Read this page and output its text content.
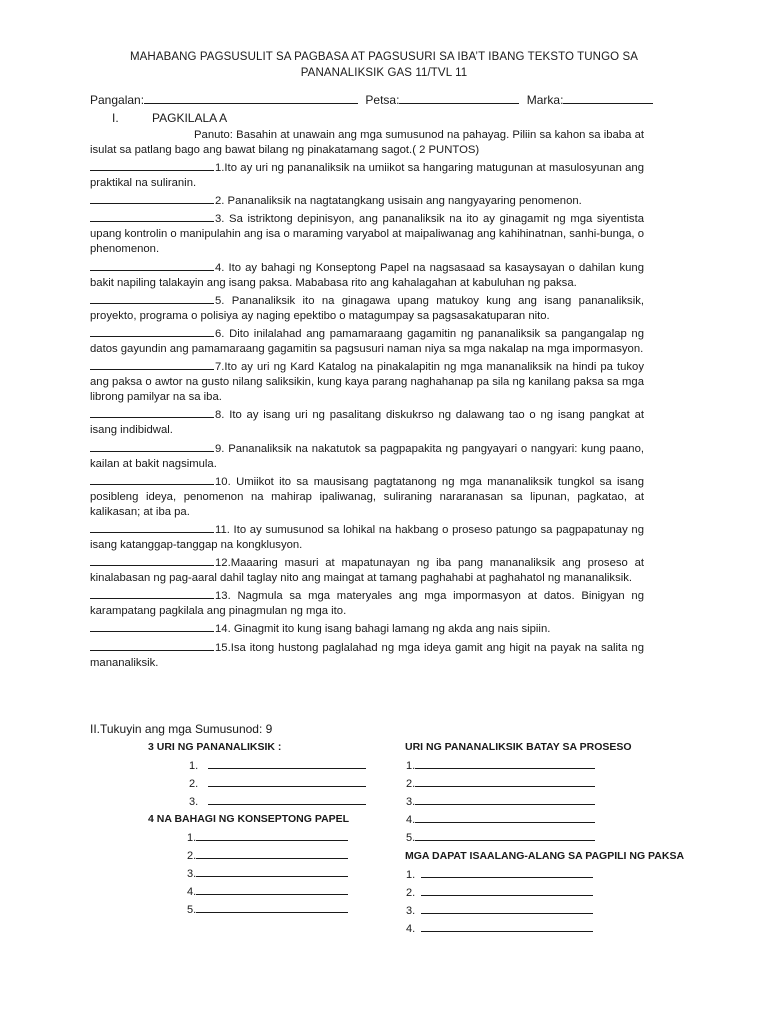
MAHABANG PAGSUSULIT SA PAGBASA AT PAGSUSURI SA IBA’T IBANG TEKSTO TUNGO SA
PANANALIKSIK GAS 11/TVL 11
Pangalan:	Petsa:	Marka:
I.	PAGKILALA A
Panuto: Basahin at unawain ang mga sumusunod na pahayag. Piliin sa kahon sa ibaba at isulat sa patlang bago ang bawat bilang ng pinakatamang sagot.( 2 PUNTOS)
1.Ito ay uri ng pananaliksik na umiikot sa hangaring matugunan at masulosyunan ang praktikal na suliranin.
2. Pananaliksik na nagtatangkang usisain ang nangyayaring penomenon.
3. Sa istriktong depinisyon, ang pananaliksik na ito ay ginagamit ng mga siyentista upang kontrolin o manipulahin ang isa o maraming varyabol at maipaliwanag ang kahihinatnan, sanhi-bunga, o phenomenon.
4. Ito ay bahagi ng Konseptong Papel na nagsasaad sa kasaysayan o dahilan kung bakit napiling talakayin ang isang paksa. Mababasa rito ang kahalagahan at kabuluhan ng paksa.
5. Pananaliksik ito na ginagawa upang matukoy kung ang isang pananaliksik, proyekto, programa o polisiya ay naging epektibo o matagumpay sa pagsasakatuparan nito.
6. Dito inilalahad ang pamamaraang gagamitin ng pananaliksik sa pangangalap ng datos gayundin ang pamamaraang gagamitin sa pagsusuri naman niya sa mga nakalap na mga impormasyon.
7.Ito ay uri ng Kard Katalog na pinakalapitin ng mga mananaliksik na hindi pa tukoy ang paksa o awtor na gusto nilang saliksikin, kung kaya parang naghahanap pa sila ng kanilang paksa sa mga librong pamilyar na sa iba.
8. Ito ay isang uri ng pasalitang diskukrso ng dalawang tao o ng isang pangkat at isang indibidwal.
9. Pananaliksik na nakatutok sa pagpapakita ng pangyayari o nangyari: kung paano, kailan at bakit nagsimula.
10. Umiikot ito sa mausisang pagtatanong ng mga mananaliksik tungkol sa isang posibleng ideya, penomenon na mahirap ipaliwanag, suliraning nararanasan sa lipunan, pagkatao, at kalikasan; at iba pa.
11. Ito ay sumusunod sa lohikal na hakbang o proseso patungo sa pagpapatunay ng isang katanggap-tanggap na kongklusyon.
12.Maaaring masuri at mapatunayan ng iba pang mananaliksik ang proseso at kinalabasan ng pag-aaral dahil taglay nito ang maingat at tamang paghahabi at paghahatol ng mananaliksik.
13. Nagmula sa mga materyales ang mga impormasyon at datos. Binigyan ng karampatang pagkilala ang pinagmulan ng mga ito.
14. Ginagmit ito kung isang bahagi lamang ng akda ang nais sipiin.
15.Isa itong hustong paglalahad ng mga ideya gamit ang higit na payak na salita ng mananaliksik.
II.Tukuyin ang mga Sumusunod: 9
3 URI NG PANANALIKSIK :
1.
2.
3.
4 NA BAHAGI NG KONSEPTONG PAPEL
1.
2.
3.
4.
5.
URI NG PANANALIKSIK BATAY SA PROSESO
1.
2.
3.
4.
5.
MGA DAPAT ISAALANG-ALANG SA PAGPILI NG PAKSA
1.
2.
3.
4.
